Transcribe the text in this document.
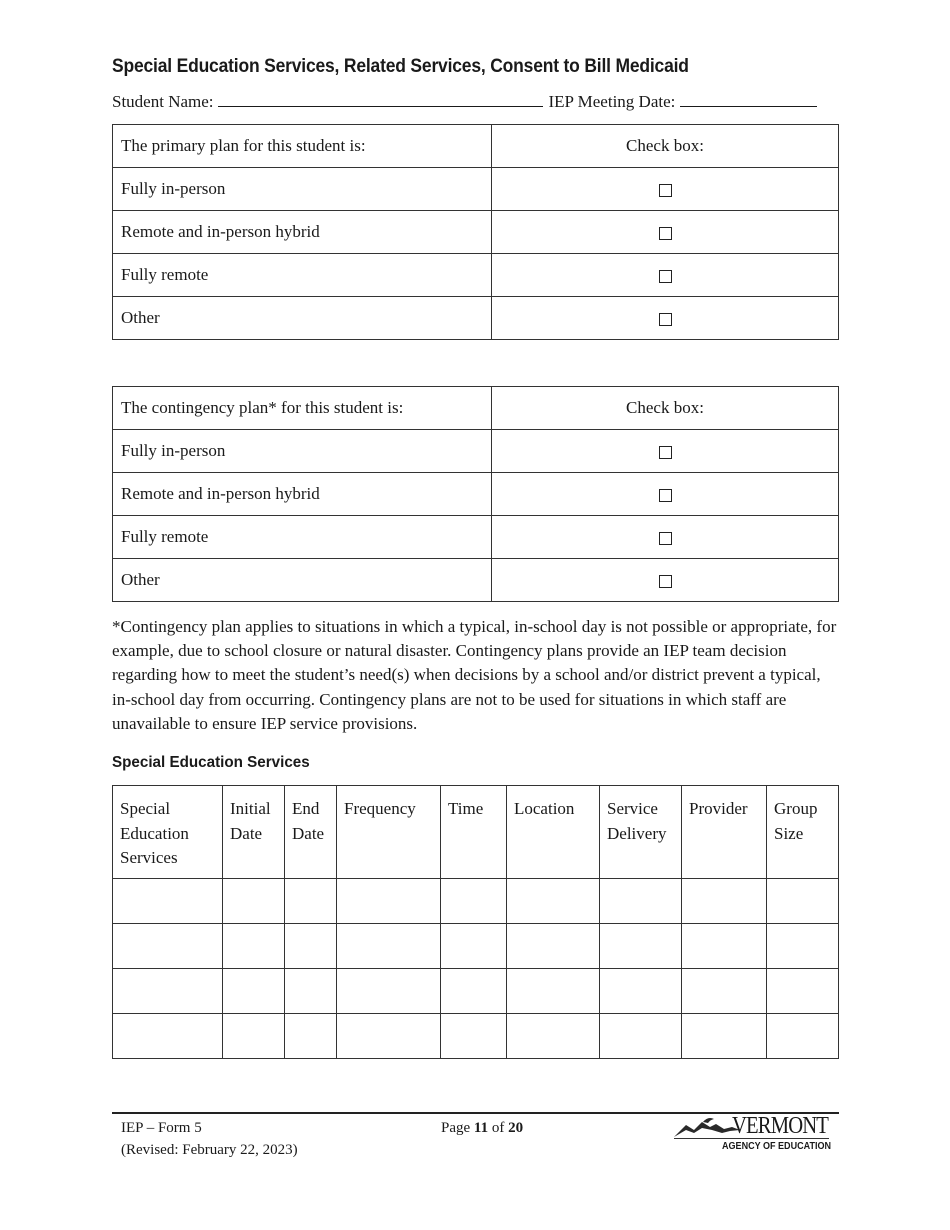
Special Education Services, Related Services, Consent to Bill Medicaid
Student Name:	IEP Meeting Date:
The primary plan for this student is:	Check box:
Fully in-person	
Remote and in-person hybrid	
Fully remote	
Other	
The contingency plan* for this student is:	Check box:
Fully in-person	
Remote and in-person hybrid	
Fully remote	
Other	
*Contingency plan applies to situations in which a typical, in-school day is not possible or appropriate, for example, due to school closure or natural disaster. Contingency plans provide an IEP team decision regarding how to meet the student’s need(s) when decisions by a school and/or district prevent a typical, in-school day from occurring. Contingency plans are not to be used for situations in which staff are unavailable to ensure IEP service provisions.
Special Education Services
Special Education Services	Initial Date	End Date	Frequency	Time	Location	Service Delivery	Provider	Group Size

IEP – Form 5
(Revised: February 22, 2023)
Page 11 of 20	VERMONT
AGENCY OF EDUCATION
